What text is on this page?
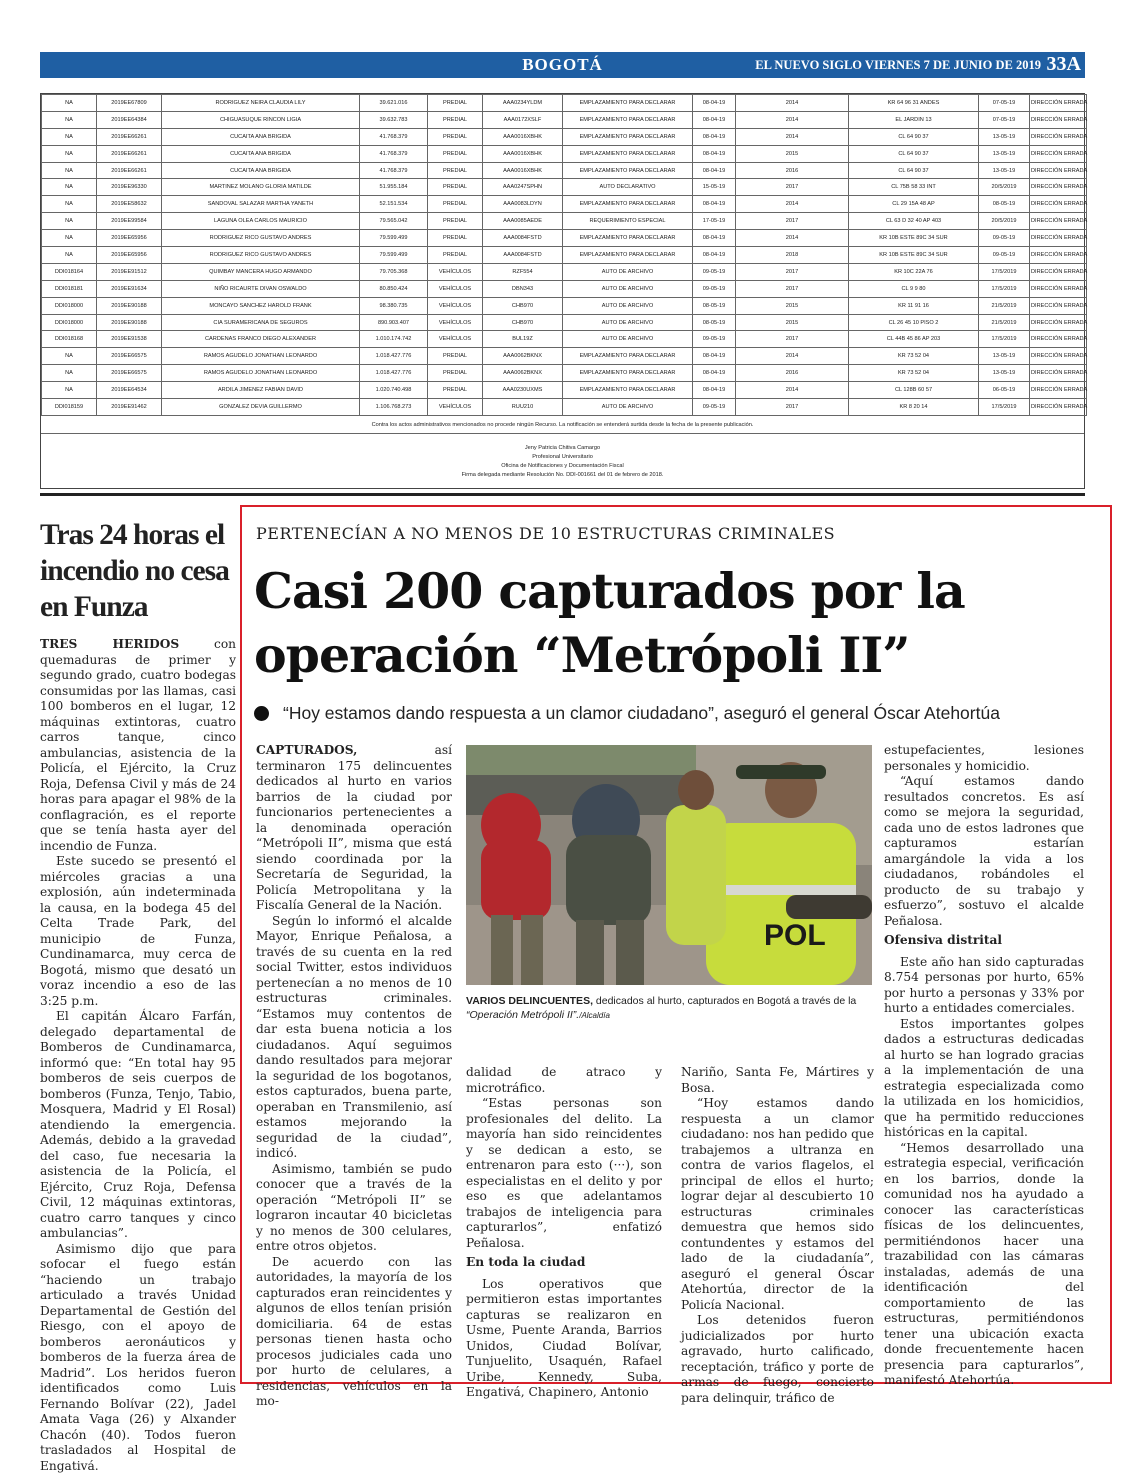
BOGOTÁ	EL NUEVO SIGLO VIERNES 7 DE JUNIO DE 2019 33A
NA	2019EE67809	RODRIGUEZ NEIRA CLAUDIA LILY	39.621.016	PREDIAL	AAA0234YLDM	EMPLAZAMIENTO PARA DECLARAR	08-04-19	2014	KR 64 96 31 ANDES	07-05-19	DIRECCIÓN ERRADA
NA	2019EE64384	CHIGUASUQUE RINCON LIGIA	39.632.783	PREDIAL	AAA0172XSLF	EMPLAZAMIENTO PARA DECLARAR	08-04-19	2014	EL JARDIN 13	07-05-19	DIRECCIÓN ERRADA
NA	2019EE66261	CUCAITA ANA BRIGIDA	41.768.379	PREDIAL	AAA0016XBHK	EMPLAZAMIENTO PARA DECLARAR	08-04-19	2014	CL 64 90 37	13-05-19	DIRECCIÓN ERRADA
NA	2019EE66261	CUCAITA ANA BRIGIDA	41.768.379	PREDIAL	AAA0016XBHK	EMPLAZAMIENTO PARA DECLARAR	08-04-19	2015	CL 64 90 37	13-05-19	DIRECCIÓN ERRADA
NA	2019EE66261	CUCAITA ANA BRIGIDA	41.768.379	PREDIAL	AAA0016XBHK	EMPLAZAMIENTO PARA DECLARAR	08-04-19	2016	CL 64 90 37	13-05-19	DIRECCIÓN ERRADA
NA	2019EE96330	MARTINEZ MOLANO GLORIA MATILDE	51.955.184	PREDIAL	AAA0247SPHN	AUTO DECLARATIVO	15-05-19	2017	CL 75B 58 33 INT	20/5/2019	DIRECCIÓN ERRADA
NA	2019EE58632	SANDOVAL SALAZAR MARTHA YANETH	52.151.534	PREDIAL	AAA0083LDYN	EMPLAZAMIENTO PARA DECLARAR	08-04-19	2014	CL 29 15A 48 AP	08-05-19	DIRECCIÓN ERRADA
NA	2019EE99584	LAGUNA OLEA CARLOS MAURICIO	79.565.042	PREDIAL	AAA0085AEDE	REQUERIMIENTO ESPECIAL	17-05-19	2017	CL 63 D 32 40 AP 403	20/5/2019	DIRECCIÓN ERRADA
NA	2019EE65956	RODRIGUEZ RICO GUSTAVO ANDRES	79.599.499	PREDIAL	AAA0084FSTD	EMPLAZAMIENTO PARA DECLARAR	08-04-19	2014	KR 10B ESTE 89C 34 SUR	09-05-19	DIRECCIÓN ERRADA
NA	2019EE65956	RODRIGUEZ RICO GUSTAVO ANDRES	79.599.499	PREDIAL	AAA0084FSTD	EMPLAZAMIENTO PARA DECLARAR	08-04-19	2018	KR 10B ESTE 89C 34 SUR	09-05-19	DIRECCIÓN ERRADA
DDI018164	2019EE91512	QUIMBAY MANCERA HUGO ARMANDO	79.705.368	VEHÍCULOS	RZF554	AUTO DE ARCHIVO	09-05-19	2017	KR 10C 22A 76	17/5/2019	DIRECCIÓN ERRADA
DDI018181	2019EE91634	NIÑO RICAURTE DIVAN OSWALDO	80.850.424	VEHÍCULOS	DBN343	AUTO DE ARCHIVO	09-05-19	2017	CL 9 9 80	17/5/2019	DIRECCIÓN ERRADA
DDI018000	2019EE90188	MONCAYO SANCHEZ HAROLD FRANK	98.380.735	VEHÍCULOS	CHB970	AUTO DE ARCHIVO	08-05-19	2015	KR 11 91 16	21/5/2019	DIRECCIÓN ERRADA
DDI018000	2019EE90188	CIA SURAMERICANA DE SEGUROS	890.903.407	VEHÍCULOS	CHB970	AUTO DE ARCHIVO	08-05-19	2015	CL 26 45 10 PISO 2	21/5/2019	DIRECCIÓN ERRADA
DDI018168	2019EE91538	CARDENAS FRANCO DIEGO ALEXANDER	1.010.174.742	VEHÍCULOS	BUL19Z	AUTO DE ARCHIVO	09-05-19	2017	CL 44B 45 86 AP 203	17/5/2019	DIRECCIÓN ERRADA
NA	2019EE66575	RAMOS AGUDELO JONATHAN LEONARDO	1.018.427.776	PREDIAL	AAA0062BKNX	EMPLAZAMIENTO PARA DECLARAR	08-04-19	2014	KR 73 52 04	13-05-19	DIRECCIÓN ERRADA
NA	2019EE66575	RAMOS AGUDELO JONATHAN LEONARDO	1.018.427.776	PREDIAL	AAA0062BKNX	EMPLAZAMIENTO PARA DECLARAR	08-04-19	2016	KR 73 52 04	13-05-19	DIRECCIÓN ERRADA
NA	2019EE64534	ARDILA JIMENEZ FABIAN DAVID	1.020.740.498	PREDIAL	AAA0230UXMS	EMPLAZAMIENTO PARA DECLARAR	08-04-19	2014	CL 128B 60 57	06-05-19	DIRECCIÓN ERRADA
DDI018159	2019EE91462	GONZALEZ DEVIA GUILLERMO	1.106.768.273	VEHÍCULOS	RUU210	AUTO DE ARCHIVO	09-05-19	2017	KR 8 20 14	17/5/2019	DIRECCIÓN ERRADA
Contra los actos administrativos mencionados no procede ningún Recurso. La notificación se entenderá surtida desde la fecha de la presente publicación.
Jeny Patricia Chitiva Camargo
Profesional Universitario
Oficina de Notificaciones y Documentación Fiscal
Firma delegada mediante Resolución No. DDI-001661 del 01 de febrero de 2018.
Tras 24 horas el incendio no cesa en Funza

TRES HERIDOS con quemaduras de primer y segundo grado, cuatro bodegas consumidas por las llamas, casi 100 bomberos en el lugar, 12 máquinas extintoras, cuatro carros tanque, cinco ambulancias, asistencia de la Policía, el Ejército, la Cruz Roja, Defensa Civil y más de 24 horas para apagar el 98% de la conflagración, es el reporte que se tenía hasta ayer del incendio de Funza.

Este sucedo se presentó el miércoles gracias a una explosión, aún indeterminada la causa, en la bodega 45 del Celta Trade Park, del municipio de Funza, Cundinamarca, muy cerca de Bogotá, mismo que desató un voraz incendio a eso de las 3:25 p.m.

El capitán Álcaro Farfán, delegado departamental de Bomberos de Cundinamarca, informó que: “En total hay 95 bomberos de seis cuerpos de bomberos (Funza, Tenjo, Tabio, Mosquera, Madrid y El Rosal) atendiendo la emergencia. Además, debido a la gravedad del caso, fue necesaria la asistencia de la Policía, el Ejército, Cruz Roja, Defensa Civil, 12 máquinas extintoras, cuatro carro tanques y cinco ambulancias”.

Asimismo dijo que para sofocar el fuego están “haciendo un trabajo articulado a través Unidad Departamental de Gestión del Riesgo, con el apoyo de bomberos aeronáuticos y bomberos de la fuerza área de Madrid”. Los heridos fueron identificados como Luis Fernando Bolívar (22), Jadel Amata Vaga (26) y Alxander Chacón (40). Todos fueron trasladados al Hospital de Engativá.

PERTENECÍAN A NO MENOS DE 10 ESTRUCTURAS CRIMINALES
Casi 200 capturados por la operación “Metrópoli II”
“Hoy estamos dando respuesta a un clamor ciudadano”, aseguró el general Óscar Atehortúa

CAPTURADOS, así terminaron 175 delincuentes dedicados al hurto en varios barrios de la ciudad por funcionarios pertenecientes a la denominada operación “Metrópoli II”, misma que está siendo coordinada por la Secretaría de Seguridad, la Policía Metropolitana y la Fiscalía General de la Nación.

Según lo informó el alcalde Mayor, Enrique Peñalosa, a través de su cuenta en la red social Twitter, estos individuos pertenecían a no menos de 10 estructuras criminales. “Estamos muy contentos de dar esta buena noticia a los ciudadanos. Aquí seguimos dando resultados para mejorar la seguridad de los bogotanos, estos capturados, buena parte, operaban en Transmilenio, así estamos mejorando la seguridad de la ciudad”, indicó.

Asimismo, también se pudo conocer que a través de la operación “Metrópoli II” se lograron incautar 40 bicicletas y no menos de 300 celulares, entre otros objetos.

De acuerdo con las autoridades, la mayoría de los capturados eran reincidentes y algunos de ellos tenían prisión domiciliaria. 64 de estas personas tienen hasta ocho procesos judiciales cada uno por hurto de celulares, a residencias, vehículos en la mo-

POL
VARIOS DELINCUENTES, dedicados al hurto, capturados en Bogotá a través de la “Operación Metrópoli II”./Alcaldía

dalidad de atraco y microtráfico.

“Estas personas son profesionales del delito. La mayoría han sido reincidentes y se dedican a esto, se entrenaron para esto (···), son especialistas en el delito y por eso es que adelantamos trabajos de inteligencia para capturarlos”, enfatizó Peñalosa.

En toda la ciudad

Los operativos que permitieron estas importantes capturas se realizaron en Usme, Puente Aranda, Barrios Unidos, Ciudad Bolívar, Tunjuelito, Usaquén, Rafael Uribe, Kennedy, Suba, Engativá, Chapinero, Antonio

Nariño, Santa Fe, Mártires y Bosa.

“Hoy estamos dando respuesta a un clamor ciudadano: nos han pedido que trabajemos a ultranza en contra de varios flagelos, el principal de ellos el hurto; lograr dejar al descubierto 10 estructuras criminales demuestra que hemos sido contundentes y estamos del lado de la ciudadanía”, aseguró el general Óscar Atehortúa, director de la Policía Nacional.

Los detenidos fueron judicializados por hurto agravado, hurto calificado, receptación, tráfico y porte de armas de fuego, concierto para delinquir, tráfico de

estupefacientes, lesiones personales y homicidio.

“Aquí estamos dando resultados concretos. Es así como se mejora la seguridad, cada uno de estos ladrones que capturamos estarían amargándole la vida a los ciudadanos, robándoles el producto de su trabajo y esfuerzo”, sostuvo el alcalde Peñalosa.

Ofensiva distrital

Este año han sido capturadas 8.754 personas por hurto, 65% por hurto a personas y 33% por hurto a entidades comerciales.

Estos importantes golpes dados a estructuras dedicadas al hurto se han logrado gracias a la implementación de una estrategia especializada como la utilizada en los homicidios, que ha permitido reducciones históricas en la capital.

“Hemos desarrollado una estrategia especial, verificación en los barrios, donde la comunidad nos ha ayudado a conocer las características físicas de los delincuentes, permitiéndonos hacer una trazabilidad con las cámaras instaladas, además de una identificación del comportamiento de las estructuras, permitiéndonos tener una ubicación exacta donde frecuentemente hacen presencia para capturarlos”, manifestó Atehortúa.
